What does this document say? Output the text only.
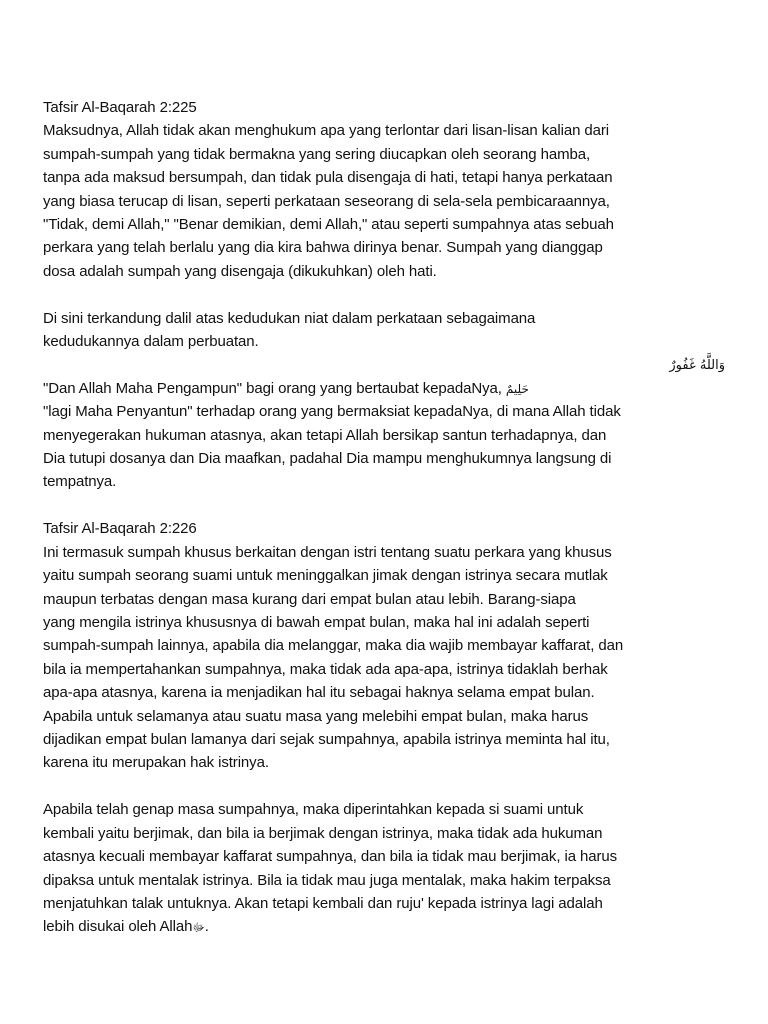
Tafsir Al-Baqarah 2:225
Maksudnya, Allah tidak akan menghukum apa yang terlontar dari lisan-lisan kalian dari
sumpah-sumpah yang tidak bermakna yang sering diucapkan oleh seorang hamba,
tanpa ada maksud bersumpah, dan tidak pula disengaja di hati, tetapi hanya perkataan
yang biasa terucap di lisan, seperti perkataan seseorang di sela-sela pembicaraannya,
"Tidak, demi Allah," "Benar demikian, demi Allah," atau seperti sumpahnya atas sebuah
perkara yang telah berlalu yang dia kira bahwa dirinya benar. Sumpah yang dianggap
dosa adalah sumpah yang disengaja (dikukuhkan) oleh hati.
Di sini terkandung dalil atas kedudukan niat dalam perkataan sebagaimana
kedudukannya dalam perbuatan.
وَاللَّهُ غَفُورٌ
"Dan Allah Maha Pengampun" bagi orang yang bertaubat kepadaNya, حَلِيمٌ
"lagi Maha Penyantun" terhadap orang yang bermaksiat kepadaNya, di mana Allah tidak
menyegerakan hukuman atasnya, akan tetapi Allah bersikap santun terhadapnya, dan
Dia tutupi dosanya dan Dia maafkan, padahal Dia mampu menghukumnya langsung di
tempatnya.
Tafsir Al-Baqarah 2:226
Ini termasuk sumpah khusus berkaitan dengan istri tentang suatu perkara yang khusus
yaitu sumpah seorang suami untuk meninggalkan jimak dengan istrinya secara mutlak
maupun terbatas dengan masa kurang dari empat bulan atau lebih. Barang-siapa
yang mengila istrinya khususnya di bawah empat bulan, maka hal ini adalah seperti
sumpah-sumpah lainnya, apabila dia melanggar, maka dia wajib membayar kaffarat, dan
bila ia mempertahankan sumpahnya, maka tidak ada apa-apa, istrinya tidaklah berhak
apa-apa atasnya, karena ia menjadikan hal itu sebagai haknya selama empat bulan.
Apabila untuk selamanya atau suatu masa yang melebihi empat bulan, maka harus
dijadikan empat bulan lamanya dari sejak sumpahnya, apabila istrinya meminta hal itu,
karena itu merupakan hak istrinya.
Apabila telah genap masa sumpahnya, maka diperintahkan kepada si suami untuk
kembali yaitu berjimak, dan bila ia berjimak dengan istrinya, maka tidak ada hukuman
atasnya kecuali membayar kaffarat sumpahnya, dan bila ia tidak mau berjimak, ia harus
dipaksa untuk mentalak istrinya. Bila ia tidak mau juga mentalak, maka hakim terpaksa
menjatuhkan talak untuknya. Akan tetapi kembali dan ruju' kepada istrinya lagi adalah
lebih disukai oleh Allahﷻ.
